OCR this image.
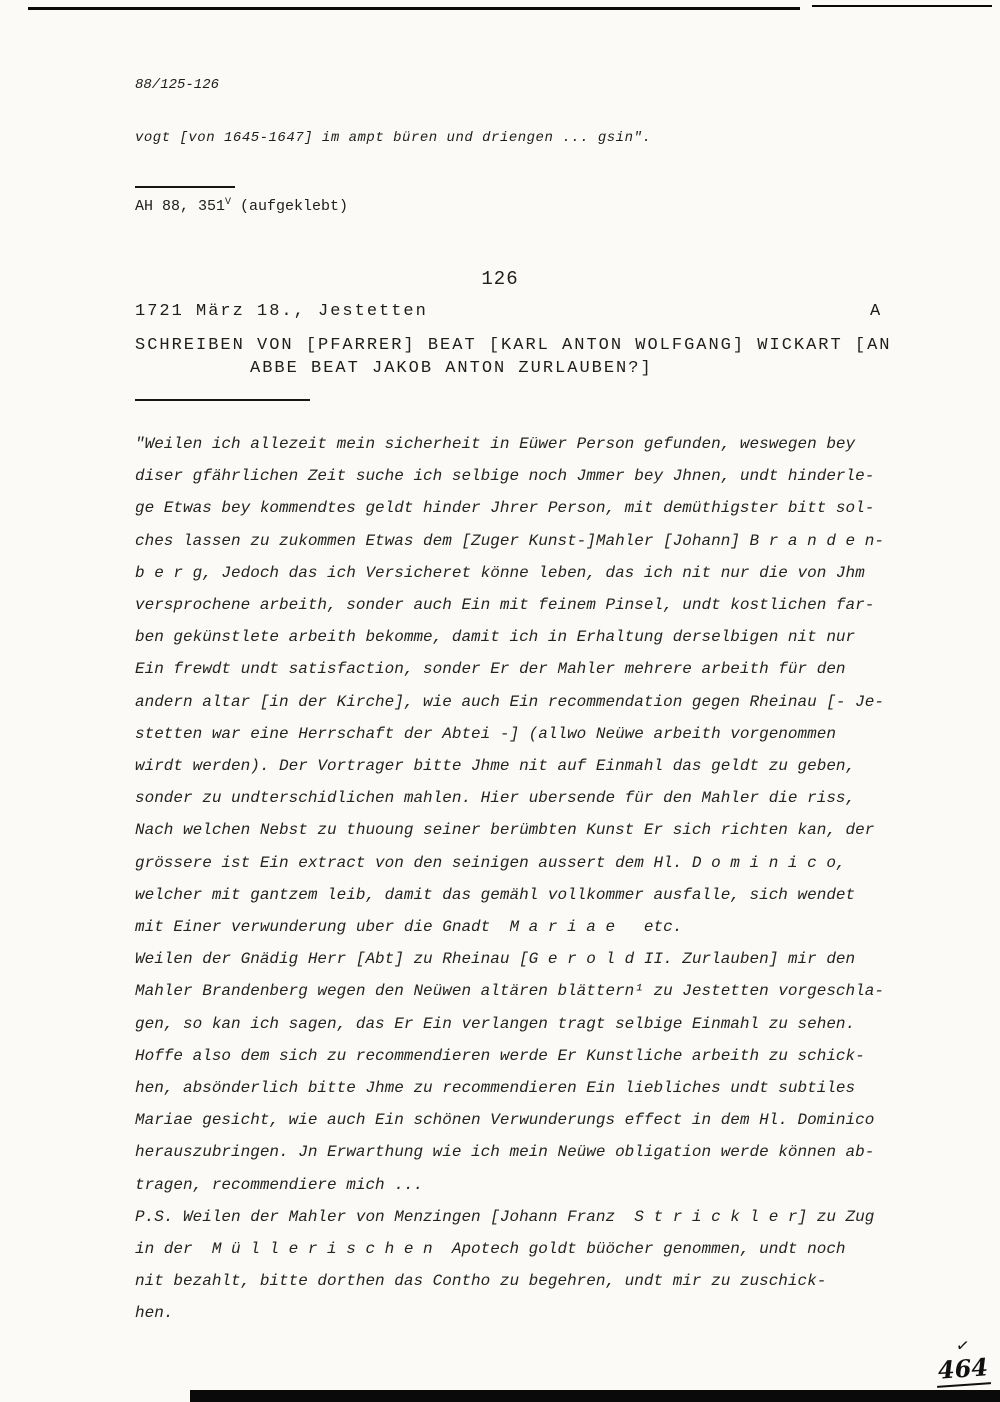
88/125-126
vogt [von 1645-1647] im ampt büren und driengen ... gsin".
AH 88, $351^V$ (aufgeklebt)
126
1721 März 18., Jestetten	A
SCHREIBEN VON [PFARRER] BEAT [KARL ANTON WOLFGANG] WICKART [AN
ABBE BEAT JAKOB ANTON ZURLAUBEN?]
"Weilen ich allezeit mein sicherheit in Eüwer Person gefunden, weswegen bey
diser gfährlichen Zeit suche ich selbige noch Jmmer bey Jhnen, undt hinderle-
ge Etwas bey kommendtes geldt hinder Jhrer Person, mit demüthigster bitt sol-
ches lassen zu zukommen Etwas dem [Zuger Kunst-]Mahler [Johann] B r a n d e n-
b e r g, Jedoch das ich Versicheret könne leben, das ich nit nur die von Jhm
versprochene arbeith, sonder auch Ein mit feinem Pinsel, undt kostlichen far-
ben gekünstlete arbeith bekomme, damit ich in Erhaltung derselbigen nit nur
Ein frewdt undt satisfaction, sonder Er der Mahler mehrere arbeith für den
andern altar [in der Kirche], wie auch Ein recommendation gegen Rheinau [- Je-
stetten war eine Herrschaft der Abtei -] (allwo Neüwe arbeith vorgenommen
wirdt werden). Der Vortrager bitte Jhme nit auf Einmahl das geldt zu geben,
sonder zu undterschidlichen mahlen. Hier ubersende für den Mahler die riss,
Nach welchen Nebst zu thuoung seiner berümbten Kunst Er sich richten kan, der
grössere ist Ein extract von den seinigen aussert dem Hl. D o m i n i c o,
welcher mit gantzem leib, damit das gemähl vollkommer ausfalle, sich wendet
mit Einer verwunderung uber die Gnadt  M a r i a e   etc.
Weilen der Gnädig Herr [Abt] zu Rheinau [G e r o l d II. Zurlauben] mir den
Mahler Brandenberg wegen den Neüwen altären blättern¹ zu Jestetten vorgeschla-
gen, so kan ich sagen, das Er Ein verlangen tragt selbige Einmahl zu sehen.
Hoffe also dem sich zu recommendieren werde Er Kunstliche arbeith zu schick-
hen, absönderlich bitte Jhme zu recommendieren Ein liebliches undt subtiles
Mariae gesicht, wie auch Ein schönen Verwunderungs effect in dem Hl. Dominico
herauszubringen. Jn Erwarthung wie ich mein Neüwe obligation werde können ab-
tragen, recommendiere mich ...
P.S. Weilen der Mahler von Menzingen [Johann Franz  S t r i c k l e r] zu Zug
in der  M ü l l e r i s c h e n  Apotech goldt büöcher genommen, undt noch
nit bezahlt, bitte dorthen das Contho zu begehren, undt mir zu zuschick-
hen.
✓
464
